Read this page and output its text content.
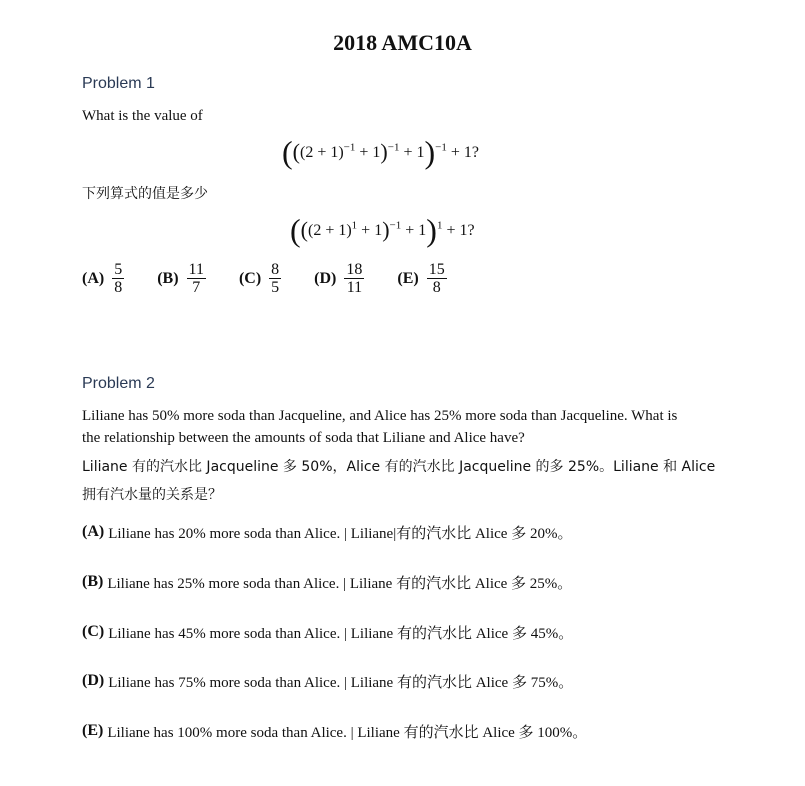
2018 AMC10A
Problem 1
What is the value of
$(((2 + 1)^{-1} + 1)^{-1} + 1)^{-1} + 1$?
下列算式的值是多少
($((2 + 1)^1 + 1)^{-1}$ + ⁠1)$^1$ + 1?
$(A) \frac{5}{8} (B) \frac{11}{7} (C) \frac{8}{5} (D) \frac{18}{11} (E) \frac{15}{8}$
Problem 2
Liliane has 50% more soda than Jacqueline, and Alice has 25% more soda than Jacqueline. What is
the relationship between the amounts of soda that Liliane and Alice have?
Liliane 有的汽水比 Jacqueline 多 50%，Alice 有的汽水比 Jacqueline 的多 25%。Liliane 和 Alice
拥有汽水量的关系是？
(A) Liliane has 20% more soda than Alice. | Liliane|有的汽水比 Alice 多 20%。
(B) Liliane has 25% more soda than Alice. | Liliane 有的汽水比 Alice 多 25%。
(C) Liliane has 45% more soda than Alice. | Liliane 有的汽水比 Alice 多 45%。
(D) Liliane has 75% more soda than Alice. | Liliane 有的汽水比 Alice 多 75%。
(E) Liliane has 100% more soda than Alice. | Liliane 有的汽水比 Alice 多 100%。
